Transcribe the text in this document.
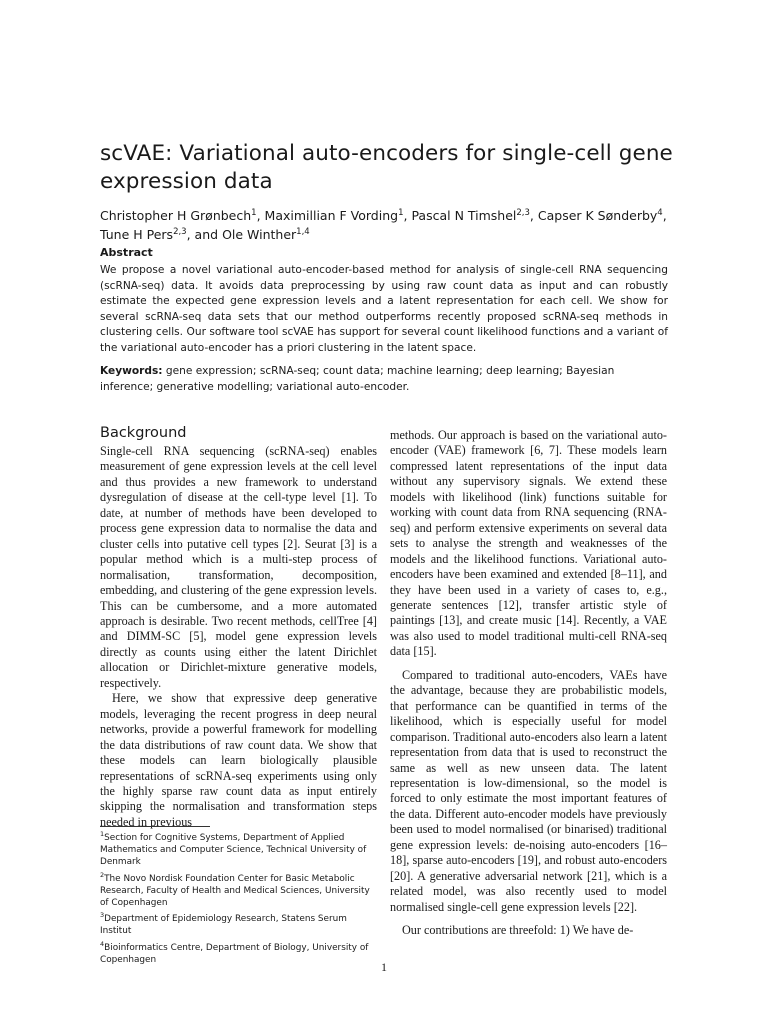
scVAE: Variational auto-encoders for single-cell gene expression data
Christopher H Grønbech$^1$, Maximillian F Vording$^1$, Pascal N Timshel$^{2,3}$, Capser K Sønderby$^4$, Tune H Pers$^{2,3}$, and Ole Winther$^{1,4}$
Abstract
We propose a novel variational auto-encoder-based method for analysis of single-cell RNA sequencing (scRNA-seq) data. It avoids data preprocessing by using raw count data as input and can robustly estimate the expected gene expression levels and a latent representation for each cell. We show for several scRNA-seq data sets that our method outperforms recently proposed scRNA-seq methods in clustering cells. Our software tool scVAE has support for several count likelihood functions and a variant of the variational auto-encoder has a priori clustering in the latent space.
Keywords: gene expression; scRNA-seq; count data; machine learning; deep learning; Bayesian inference; generative modelling; variational auto-encoder.
Background

Single-cell RNA sequencing (scRNA-seq) enables measurement of gene expression levels at the cell level and thus provides a new framework to understand dysregulation of disease at the cell-type level [1]. To date, at number of methods have been developed to process gene expression data to normalise the data and cluster cells into putative cell types [2]. Seurat [3] is a popular method which is a multi-step process of normalisation, transformation, decomposition, embedding, and clustering of the gene expression levels. This can be cumbersome, and a more automated approach is desirable. Two recent methods, cellTree [4] and DIMM-SC [5], model gene expression levels directly as counts using either the latent Dirichlet allocation or Dirichlet-mixture generative models, respectively.

Here, we show that expressive deep generative models, leveraging the recent progress in deep neural networks, provide a powerful framework for modelling the data distributions of raw count data. We show that these models can learn biologically plausible representations of scRNA-seq experiments using only the highly sparse raw count data as input entirely skipping the normalisation and transformation steps needed in previous

methods. Our approach is based on the variational auto-encoder (VAE) framework [6, 7]. These models learn compressed latent representations of the input data without any supervisory signals. We extend these models with likelihood (link) functions suitable for working with count data from RNA sequencing (RNA-seq) and perform extensive experiments on several data sets to analyse the strength and weaknesses of the models and the likelihood functions. Variational auto-encoders have been examined and extended [8–11], and they have been used in a variety of cases to, e.g., generate sentences [12], transfer artistic style of paintings [13], and create music [14]. Recently, a VAE was also used to model traditional multi-cell RNA-seq data [15].

Compared to traditional auto-encoders, VAEs have the advantage, because they are probabilistic models, that performance can be quantified in terms of the likelihood, which is especially useful for model comparison. Traditional auto-encoders also learn a latent representation from data that is used to reconstruct the same as well as new unseen data. The latent representation is low-dimensional, so the model is forced to only estimate the most important features of the data. Different auto-encoder models have previously been used to model normalised (or binarised) traditional gene expression levels: de-noising auto-encoders [16–18], sparse auto-encoders [19], and robust auto-encoders [20]. A generative adversarial network [21], which is a related model, was also recently used to model normalised single-cell gene expression levels [22].

Our contributions are threefold: 1) We have de-

$^1$Section for Cognitive Systems, Department of Applied Mathematics and Computer Science, Technical University of Denmark

$^2$The Novo Nordisk Foundation Center for Basic Metabolic Research, Faculty of Health and Medical Sciences, University of Copenhagen

$^3$Department of Epidemiology Research, Statens Serum Institut

$^4$Bioinformatics Centre, Department of Biology, University of Copenhagen

1
